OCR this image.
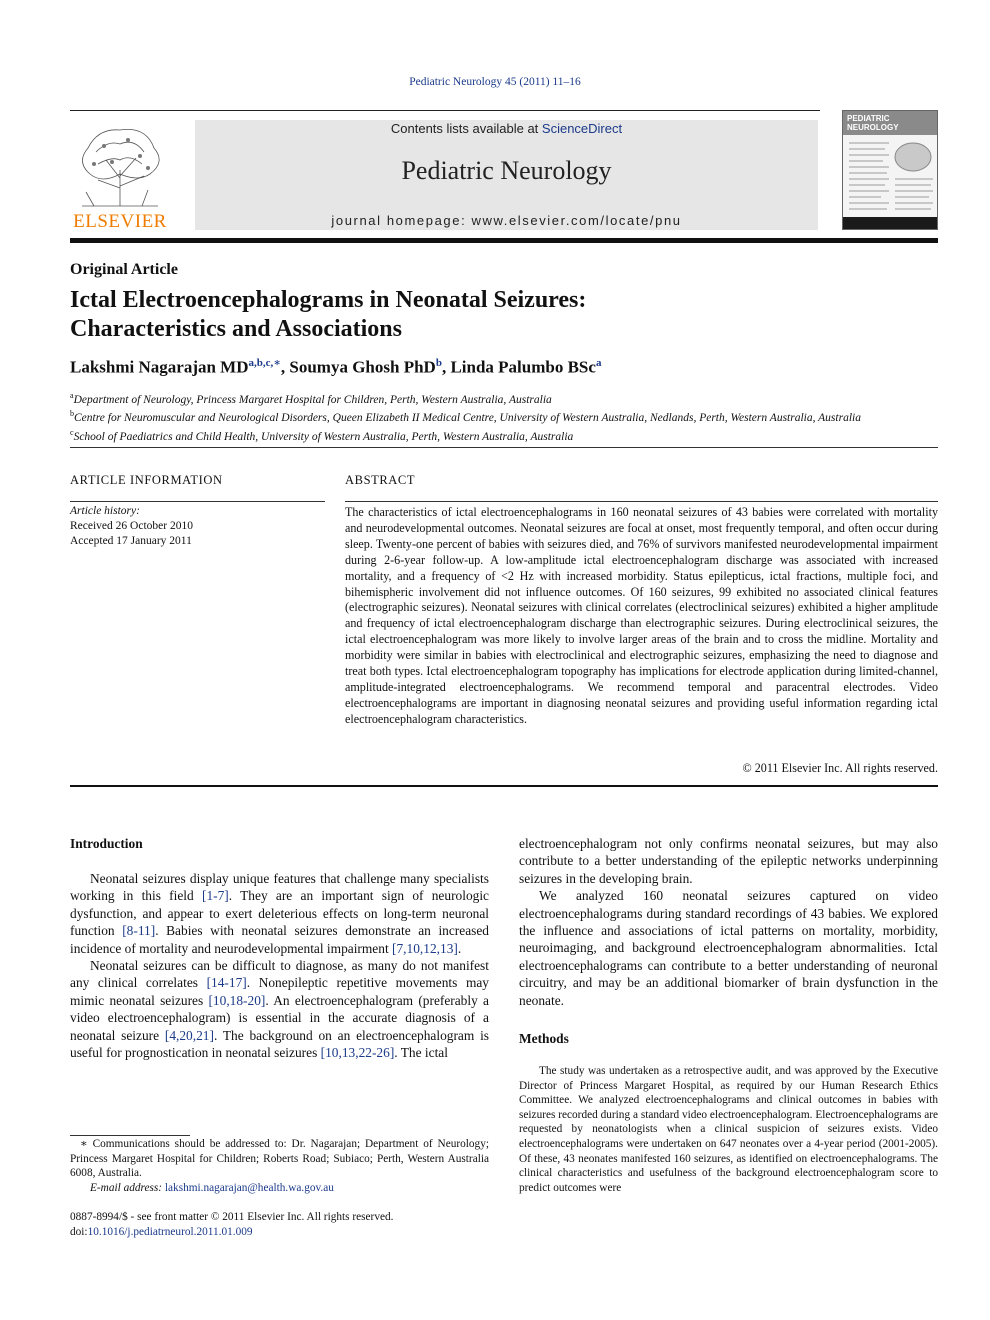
Pediatric Neurology 45 (2011) 11–16
ELSEVIER
Contents lists available at ScienceDirect
Pediatric Neurology
journal homepage: www.elsevier.com/locate/pnu
PEDIATRIC
NEUROLOGY
Original Article
Ictal Electroencephalograms in Neonatal Seizures:
Characteristics and Associations
Lakshmi Nagarajan $MD^{a,b,c,∗}$, Soumya Ghosh PhD$^b$, Linda Palumbo BSc$^a$
$^a$Department of Neurology, Princess Margaret Hospital for Children, Perth, Western Australia, Australia
$^b$Centre for Neuromuscular and Neurological Disorders, Queen Elizabeth II Medical Centre, University of Western Australia, Nedlands, Perth, Western Australia, Australia
$^c$School of Paediatrics and Child Health, University of Western Australia, Perth, Western Australia, Australia
ARTICLE INFORMATION
Article history:
Received 26 October 2010
Accepted 17 January 2011
ABSTRACT
The characteristics of ictal electroencephalograms in 160 neonatal seizures of 43 babies were correlated with mortality and neurodevelopmental outcomes. Neonatal seizures are focal at onset, most frequently temporal, and often occur during sleep. Twenty-one percent of babies with seizures died, and 76% of survivors manifested neurodevelopmental impairment during 2-6-year follow-up. A low-amplitude ictal electroencephalogram discharge was associated with increased mortality, and a frequency of <2 Hz with increased morbidity. Status epilepticus, ictal fractions, multiple foci, and bihemispheric involvement did not influence outcomes. Of 160 seizures, 99 exhibited no associated clinical features (electrographic seizures). Neonatal seizures with clinical correlates (electroclinical seizures) exhibited a higher amplitude and frequency of ictal electroencephalogram discharge than electrographic seizures. During electroclinical seizures, the ictal electroencephalogram was more likely to involve larger areas of the brain and to cross the midline. Mortality and morbidity were similar in babies with electroclinical and electrographic seizures, emphasizing the need to diagnose and treat both types. Ictal electroencephalogram topography has implications for electrode application during limited-channel, amplitude-integrated electroencephalograms. We recommend temporal and paracentral electrodes. Video electroencephalograms are important in diagnosing neonatal seizures and providing useful information regarding ictal electroencephalogram characteristics.
© 2011 Elsevier Inc. All rights reserved.
Introduction

Neonatal seizures display unique features that challenge many specialists working in this field [1-7]. They are an important sign of neurologic dysfunction, and appear to exert deleterious effects on long-term neuronal function [8-11]. Babies with neonatal seizures demonstrate an increased incidence of mortality and neurodevelopmental impairment [7,10,12,13].

Neonatal seizures can be difficult to diagnose, as many do not manifest any clinical correlates [14-17]. Nonepileptic repetitive movements may mimic neonatal seizures [10,18-20]. An electroencephalogram (preferably a video electroencephalogram) is essential in the accurate diagnosis of a neonatal seizure [4,20,21]. The background on an electroencephalogram is useful for prognostication in neonatal seizures [10,13,22-26]. The ictal

electroencephalogram not only confirms neonatal seizures, but may also contribute to a better understanding of the epileptic networks underpinning seizures in the developing brain.

We analyzed 160 neonatal seizures captured on video electroencephalograms during standard recordings of 43 babies. We explored the influence and associations of ictal patterns on mortality, morbidity, neuroimaging, and background electroencephalogram abnormalities. Ictal electroencephalograms can contribute to a better understanding of neuronal circuitry, and may be an additional biomarker of brain dysfunction in the neonate.

Methods

The study was undertaken as a retrospective audit, and was approved by the Executive Director of Princess Margaret Hospital, as required by our Human Research Ethics Committee. We analyzed electroencephalograms and clinical outcomes in babies with seizures recorded during a standard video electroencephalogram. Electroencephalograms are requested by neonatologists when a clinical suspicion of seizures exists. Video electroencephalograms were undertaken on 647 neonates over a 4-year period (2001-2005). Of these, 43 neonates manifested 160 seizures, as identified on electroencephalograms. The clinical characteristics and usefulness of the background electroencephalogram score to predict outcomes were

∗ Communications should be addressed to: Dr. Nagarajan; Department of Neurology; Princess Margaret Hospital for Children; Roberts Road; Subiaco; Perth, Western Australia 6008, Australia.
E-mail address: lakshmi.nagarajan@health.wa.gov.au
0887-8994/$ - see front matter © 2011 Elsevier Inc. All rights reserved.
doi:10.1016/j.pediatrneurol.2011.01.009
